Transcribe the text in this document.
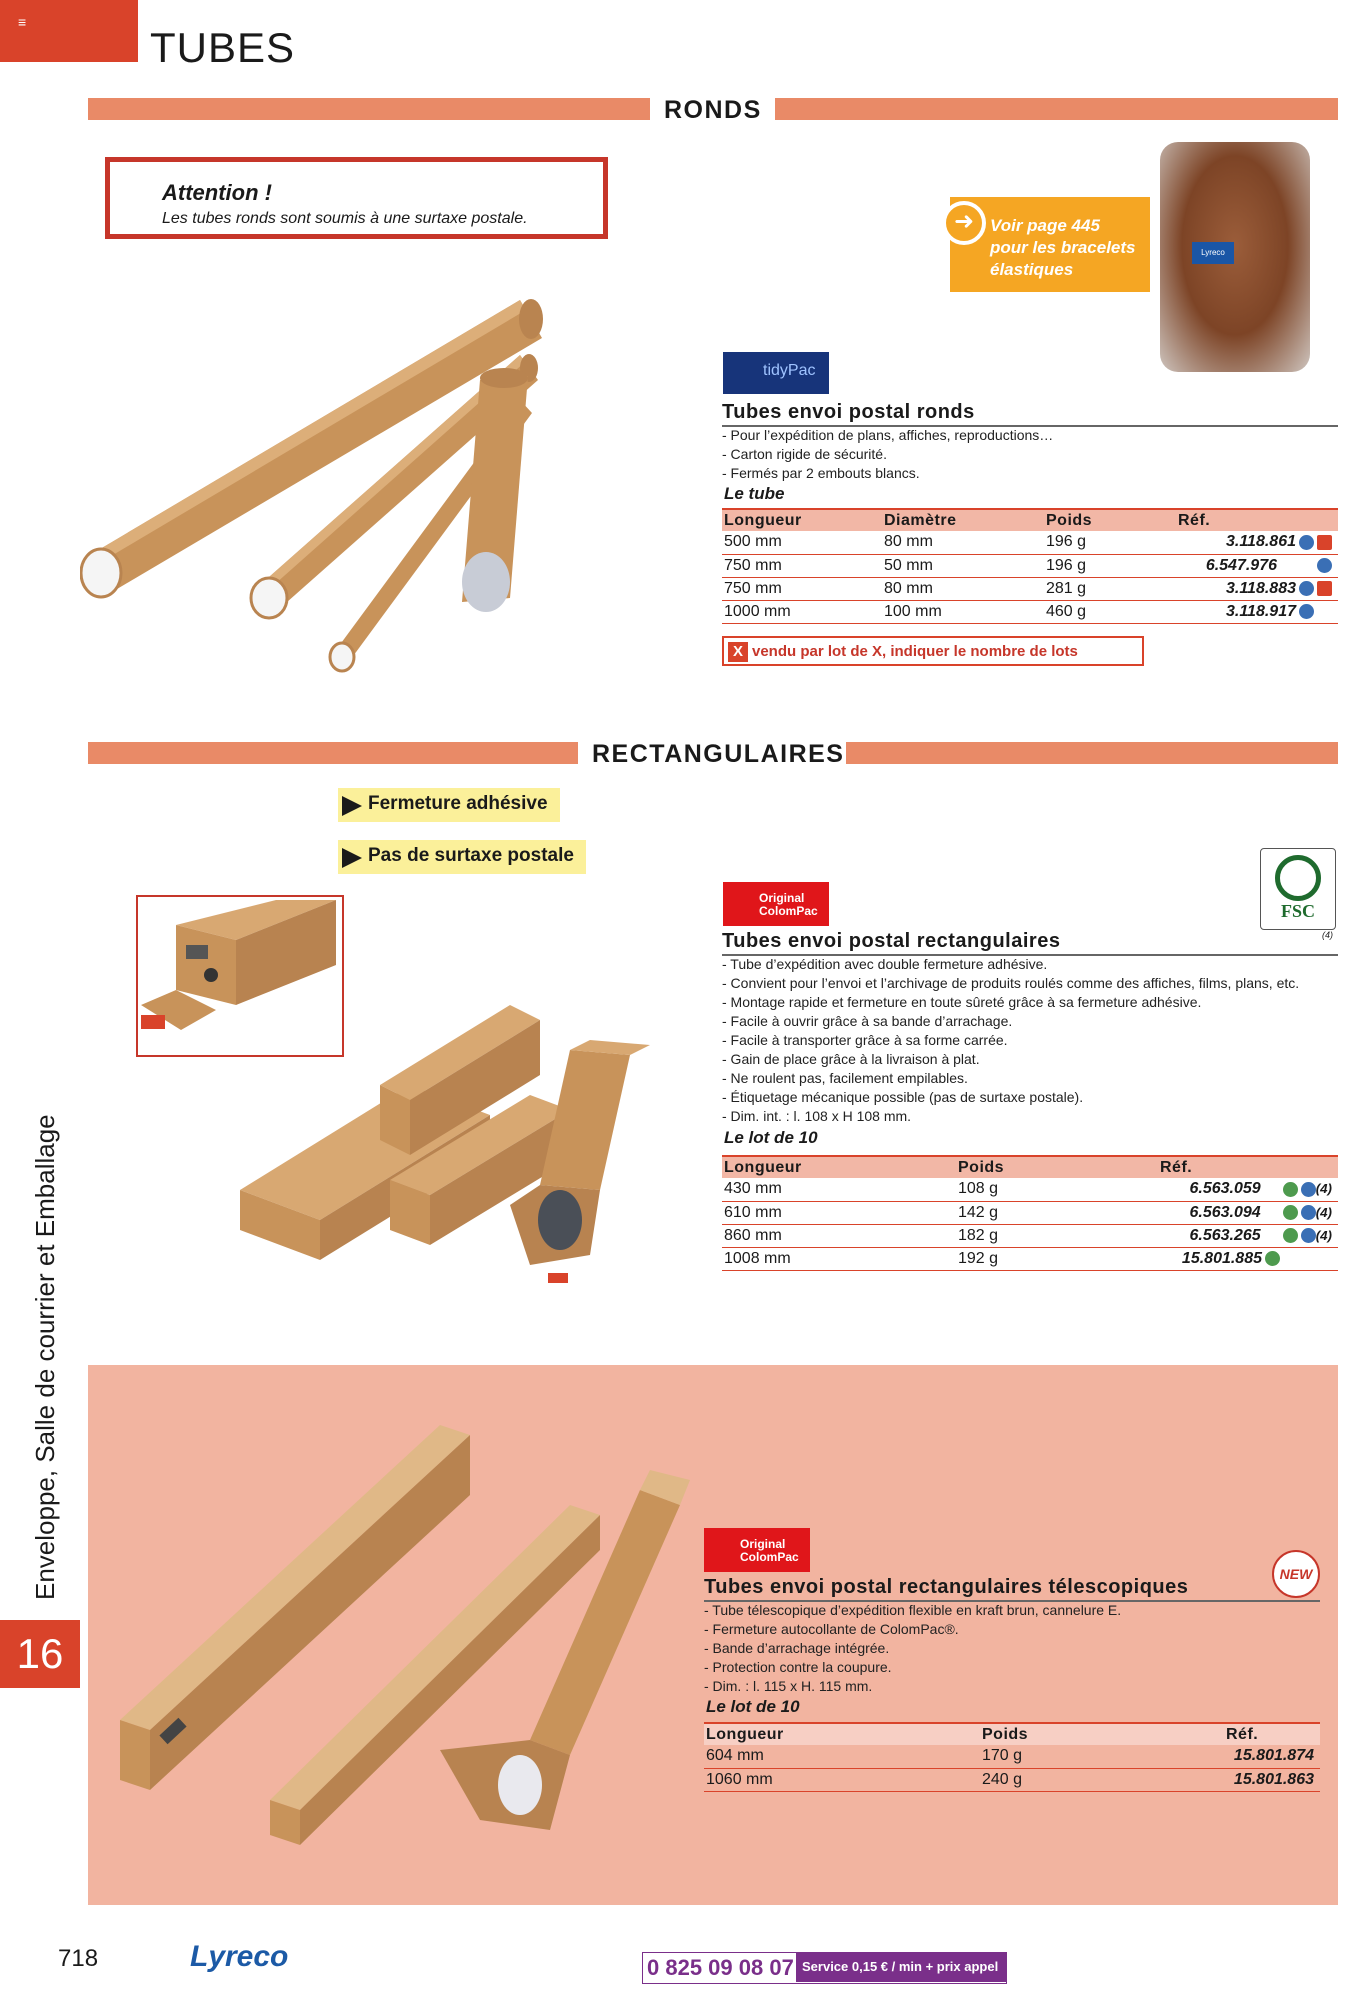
≡
TUBES
RONDS
Attention !
Les tubes ronds sont soumis à une surtaxe postale.
Lyreco
➜ Voir page 445
pour les bracelets
élastiques
tidyPac
Tubes envoi postal ronds
- Pour l’expédition de plans, affiches, reproductions…
- Carton rigide de sécurité.
- Fermés par 2 embouts blancs.
Le tube
Longueur	Diamètre	Poids	Réf.
500 mm	80 mm	196 g	3.118.861
750 mm	50 mm	196 g	6.547.976
750 mm	80 mm	281 g	3.118.883
1000 mm	100 mm	460 g	3.118.917
X vendu par lot de X, indiquer le nombre de lots
RECTANGULAIRES
Fermeture adhésive
Pas de surtaxe postale
Original
ColomPac	FSC
(4)
Tubes envoi postal rectangulaires
- Tube d’expédition avec double fermeture adhésive.
- Convient pour l’envoi et l’archivage de produits roulés comme des affiches, films, plans, etc.
- Montage rapide et fermeture en toute sûreté grâce à sa fermeture adhésive.
- Facile à ouvrir grâce à sa bande d’arrachage.
- Facile à transporter grâce à sa forme carrée.
- Gain de place grâce à la livraison à plat.
- Ne roulent pas, facilement empilables.
- Étiquetage mécanique possible (pas de surtaxe postale).
- Dim. int. : l. 108 x H 108 mm.
Le lot de 10
Longueur	Poids	Réf.
430 mm	108 g	6.563.059 (4)
610 mm	142 g	6.563.094 (4)
860 mm	182 g	6.563.265 (4)
1008 mm	192 g	15.801.885
Original
ColomPac
NEW
Tubes envoi postal rectangulaires télescopiques
- Tube télescopique d’expédition flexible en kraft brun, cannelure E.
- Fermeture autocollante de ColomPac®.
- Bande d’arrachage intégrée.
- Protection contre la coupure.
- Dim. : l. 115 x H. 115 mm.
Le lot de 10
Longueur	Poids	Réf.
604 mm	170 g	15.801.874
1060 mm	240 g	15.801.863
Enveloppe, Salle de courrier et Emballage
16
718	Lyreco	0 825 09 08 07 Service 0,15 € / min + prix appel
